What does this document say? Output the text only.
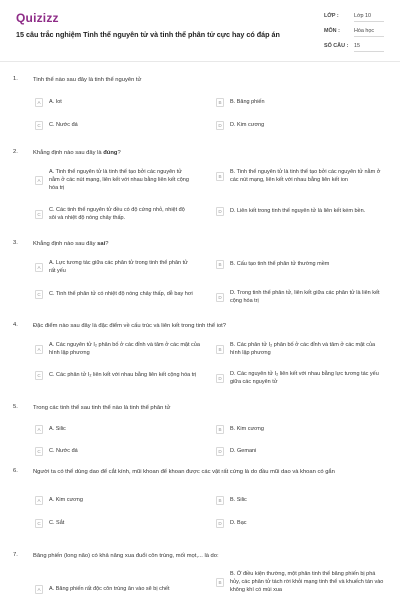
Quizizz
15 câu trắc nghiệm Tinh thể nguyên tử và tinh thể phân tử cực hay có đáp án
LỚP :	Lớp 10
MÔN :	Hóa học
SỐ CÂU :	15
1.	Tinh thể nào sau đây là tinh thể nguyên tử
A	A. Iot	B	B. Băng phiến
C	C. Nước đá	D	D. Kim cương
2.	Khẳng định nào sau đây là đúng?
A
A. Tinh thể nguyên tử là tinh thể tạo bởi các nguyên tử nằm ở các nút mạng, liên kết với nhau bằng liên kết cộng hóa trị
B
B. Tinh thể nguyên tử là tinh thể tạo bởi các nguyên tử nằm ở các nút mạng, liên kết với nhau bằng liên kết ion
C
C. Các tinh thể nguyên tử đều có độ cứng nhỏ, nhiệt độ sôi và nhiệt độ nóng chảy thấp.
D	D. Liên kết trong tinh thể nguyên tử là liên kết kém bền.
3.	Khẳng định nào sau đây sai?
A
A. Lực tương tác giữa các phân tử trong tinh thể phân tử rất yếu
B	B. Cấu tạo tinh thể phân tử thường mềm
C	C. Tinh thể phân tử có nhiệt độ nóng chảy thấp, dễ bay hơi
D
D. Trong tinh thể phân tử, liên kết giữa các phân tử là liên kết cộng hóa trị
4.	Đặc điểm nào sau đây là đặc điểm về cấu trúc và liên kết trong tinh thể iot?
A
A. Các nguyên tử I₂ phân bố ở các đỉnh và tâm ở các mặt của hình lập phương	B
B. Các phân tử I₂ phân bố ở các đỉnh và tâm ở các mặt của hình lập phương
C	C. Các phân tử I₂ liên kết với nhau bằng liên kết cộng hóa trị
D
D. Các nguyên tử I₂ liên kết với nhau bằng lực tương tác yếu giữa các nguyên tử
5.	Trong các tinh thể sau tinh thể nào là tinh thể phân tử
A	A. Silic	B	B. Kim cương
C	C. Nước đá	D	D. Gemani
6.	Người ta có thể dùng dao để cắt kính, mũi khoan để khoan được các vật rất cứng là do đầu mũi dao và khoan có gắn
A	A. Kim cương	B	B. Silic
C	C. Sắt	D	D. Bạc
7.	Băng phiến (long não) có khả năng xua đuổi côn trùng, mối mọt,... là do:
A	A. Băng phiến rất độc côn trùng ăn vào sẽ bị chết
B
B. Ở điều kiện thường, một phân tinh thể băng phiến bị phá hủy, các phân tử tách rời khỏi mạng tinh thể và khuếch tán vào không khí có mùi xua
